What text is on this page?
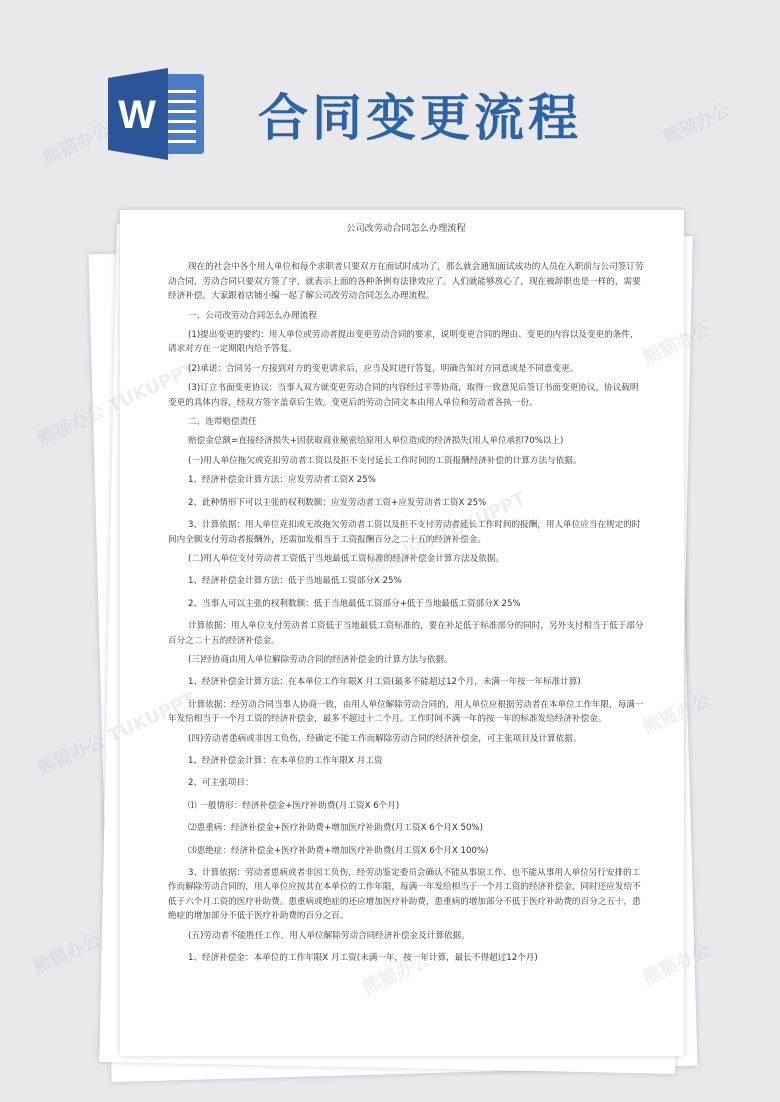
W 合同变更流程
公司改劳动合同怎么办理流程

现在的社会中各个用人单位和每个求职者只要双方在面试时成功了，那么就会通知面试成功的人员在入职前与公司签订劳动合同，劳动合同只要双方签了字，就表示上面的各种条例有法律效应了。人们就能够放心了，现在被辞职也是一样的，需要经济补偿。大家跟着店铺小编一起了解公司改劳动合同怎么办理流程。

一、公司改劳动合同怎么办理流程

(1)提出变更的要约：用人单位或劳动者提出变更劳动合同的要求，说明变更合同的理由、变更的内容以及变更的条件，请求对方在一定期限内给予答复。

(2)承诺：合同另一方接到对方的变更请求后，应当及时进行答复，明确告知对方同意或是不同意变更。

(3)订立书面变更协议：当事人双方就变更劳动合同的内容经过平等协商，取得一致意见后签订书面变更协议，协议载明变更的具体内容，经双方签字盖章后生效。变更后的劳动合同文本由用人单位和劳动者各执一份。

二、连带赔偿责任

赔偿金总额=直接经济损失+因获取商业秘密给原用人单位造成的经济损失(用人单位承担70%以上)

(一)用人单位拖欠或克扣劳动者工资以及拒不支付延长工作时间的工资报酬经济补偿的计算方法与依据。

1、经济补偿金计算方法：应发劳动者工资X 25%

2、此种情形下可以主张的权利数额：应发劳动者工资+应发劳动者工资X 25%

3、计算依据：用人单位克扣或无故拖欠劳动者工资以及拒不支付劳动者延长工作时间的报酬，用人单位应当在规定的时间内全额支付劳动者报酬外，还需加发相当于工资报酬百分之二十五的经济补偿金。

(二)用人单位支付劳动者工资低于当地最低工资标准的经济补偿金计算方法及依据。

1、经济补偿金计算方法：低于当地最低工资部分X 25%

2、当事人可以主张的权利数额：低于当地最低工资部分+低于当地最低工资部分X 25%

计算依据：用人单位支付劳动者工资低于当地最低工资标准的，要在补足低于标准部分的同时，另外支付相当于低于部分百分之二十五的经济补偿金。

(三)经协商由用人单位解除劳动合同的经济补偿金的计算方法与依据。

1、经济补偿金计算方法：在本单位工作年限X 月工资(最多不能超过12个月，未满一年按一年标准计算)

计算依据：经劳动合同当事人协商一致，由用人单位解除劳动合同的，用人单位应根据劳动者在本单位工作年限，每满一年发给相当于一个月工资的经济补偿金，最多不超过十二个月。工作时间不满一年的按一年的标准发给经济补偿金。

(四)劳动者患病或非因工负伤，经确定不能工作而解除劳动合同的经济补偿金，可主张项目及计算依据。

1、经济补偿金计算：在本单位的工作年限X 月工资

2、可主张项目：

⑴ 一般情形：经济补偿金+医疗补助费(月工资X 6个月)

⑵患重病：经济补偿金+医疗补助费+增加医疗补助费(月工资X 6个月X 50%)

⑶患绝症：经济补偿金+医疗补助费+增加医疗补助费(月工资X 6个月X 100%)

3、计算依据：劳动者患病或者非因工负伤，经劳动鉴定委员会确认不能从事原工作、也不能从事用人单位另行安排的工作而解除劳动合同的，用人单位应按其在本单位的工作年限，每满一年发给相当于一个月工资的经济补偿金，同时还应发给不低于六个月工资的医疗补助费。患重病或绝症的还应增加医疗补助费，患重病的增加部分不低于医疗补助费的百分之五十，患绝症的增加部分不低于医疗补助费的百分之百。

(五)劳动者不能胜任工作，用人单位解除劳动合同经济补偿金及计算依据。

1、经济补偿金：本单位的工作年限X 月工资(未满一年，按一年计算，最长不得超过12个月)

熊猫办公	熊猫办公
熊猫办公
熊猫办公
熊猫办公
